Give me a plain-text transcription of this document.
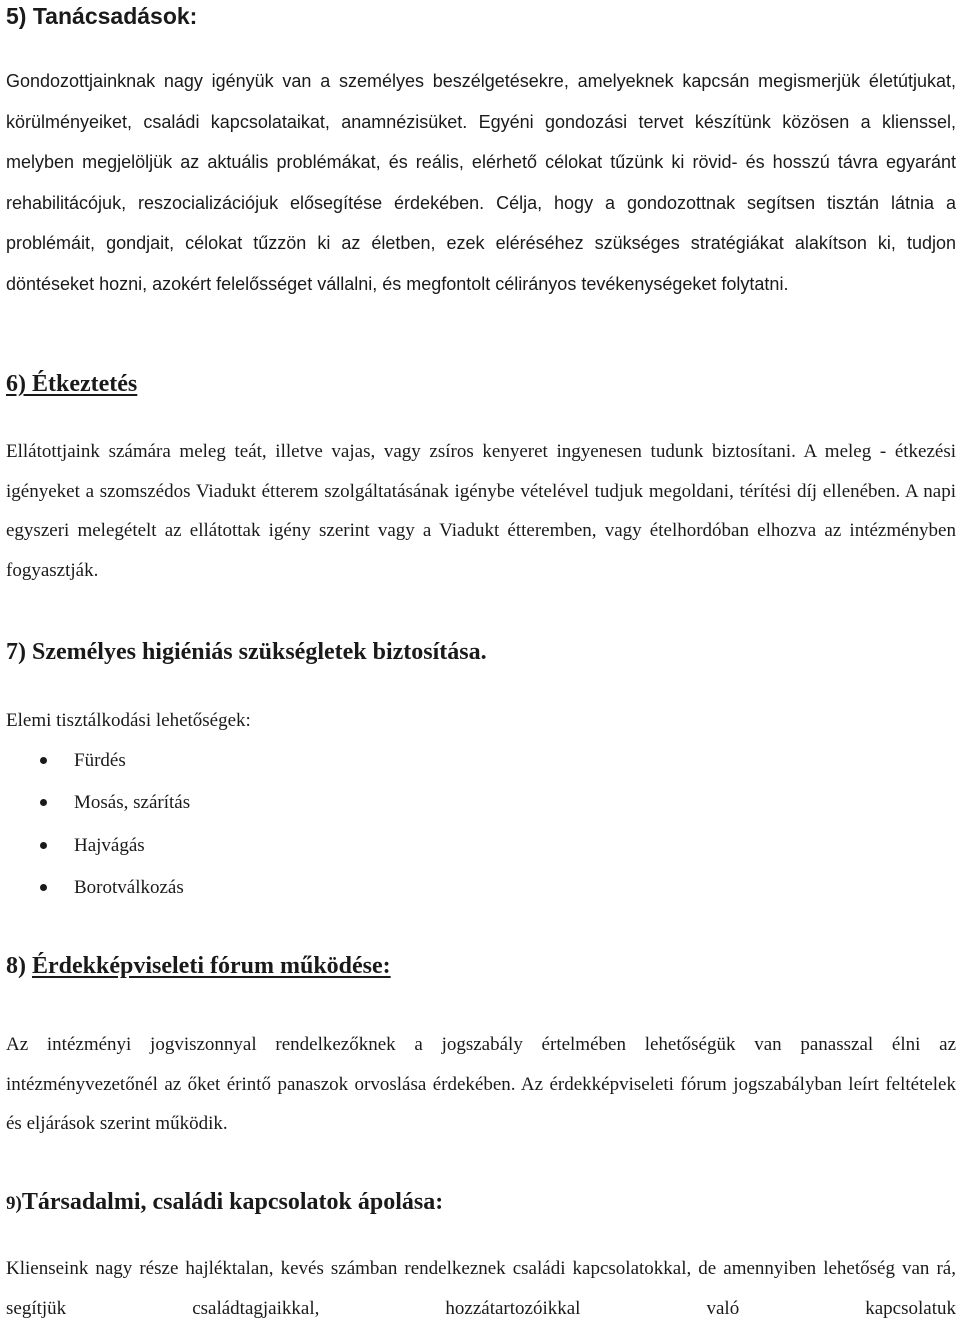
5) Tanácsadások:

Gondozottjainknak nagy igényük van a személyes beszélgetésekre, amelyeknek kapcsán megismerjük életútjukat, körülményeiket, családi kapcsolataikat, anamnézisüket. Egyéni gondozási tervet készítünk közösen a klienssel, melyben megjelöljük az aktuális problémákat, és reális, elérhető célokat tűzünk ki rövid- és hosszú távra egyaránt rehabilitácójuk, reszocializációjuk elősegítése érdekében. Célja, hogy a gondozottnak segítsen tisztán látnia a problémáit, gondjait, célokat tűzzön ki az életben, ezek eléréséhez szükséges stratégiákat alakítson ki, tudjon döntéseket hozni, azokért felelősséget vállalni, és megfontolt célirányos tevékenységeket folytatni.

6) Étkeztetés

Ellátottjaink számára meleg teát, illetve vajas, vagy zsíros kenyeret ingyenesen tudunk biztosítani. A meleg - étkezési igényeket a szomszédos Viadukt étterem szolgáltatásának igénybe vételével tudjuk megoldani, térítési díj ellenében. A napi egyszeri melegételt az ellátottak igény szerint vagy a Viadukt étteremben, vagy ételhordóban elhozva az intézményben fogyasztják.

7) Személyes higiéniás szükségletek biztosítása.

Elemi tisztálkodási lehetőségek:

Fürdés
Mosás, szárítás
Hajvágás
Borotválkozás
8) Érdekképviseleti fórum működése:

Az intézményi jogviszonnyal rendelkezőknek a jogszabály értelmében lehetőségük van panasszal élni az intézményvezetőnél az őket érintő panaszok orvoslása érdekében. Az érdekképviseleti fórum jogszabályban leírt feltételek és eljárások szerint működik.

9)Társadalmi, családi kapcsolatok ápolása:

Klienseink nagy része hajléktalan, kevés számban rendelkeznek családi kapcsolatokkal, de amennyiben lehetőség van rá, segítjük családtagjaikkal, hozzátartozóikkal való kapcsolatuk
